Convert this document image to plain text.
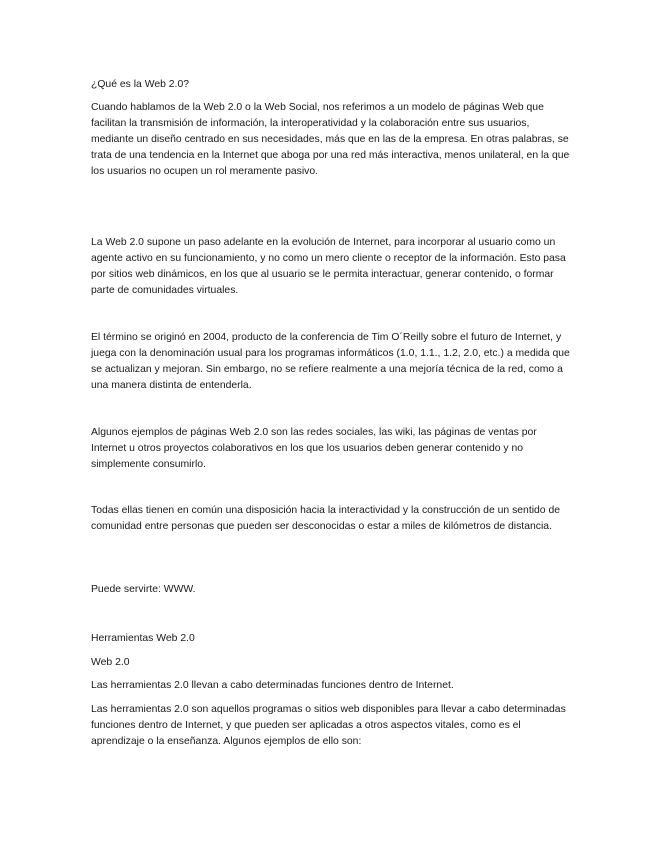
¿Qué es la Web 2.0?

Cuando hablamos de la Web 2.0 o la Web Social, nos referimos a un modelo de páginas Web que facilitan la transmisión de información, la interoperatividad y la colaboración entre sus usuarios, mediante un diseño centrado en sus necesidades, más que en las de la empresa. En otras palabras, se trata de una tendencia en la Internet que aboga por una red más interactiva, menos unilateral, en la que los usuarios no ocupen un rol meramente pasivo.

La Web 2.0 supone un paso adelante en la evolución de Internet, para incorporar al usuario como un agente activo en su funcionamiento, y no como un mero cliente o receptor de la información. Esto pasa por sitios web dinámicos, en los que al usuario se le permita interactuar, generar contenido, o formar parte de comunidades virtuales.

El término se originó en 2004, producto de la conferencia de Tim O´Reilly sobre el futuro de Internet, y juega con la denominación usual para los programas informáticos (1.0, 1.1., 1.2, 2.0, etc.) a medida que se actualizan y mejoran. Sin embargo, no se refiere realmente a una mejoría técnica de la red, como a una manera distinta de entenderla.

Algunos ejemplos de páginas Web 2.0 son las redes sociales, las wiki, las páginas de ventas por Internet u otros proyectos colaborativos en los que los usuarios deben generar contenido y no simplemente consumirlo.

Todas ellas tienen en común una disposición hacia la interactividad y la construcción de un sentido de comunidad entre personas que pueden ser desconocidas o estar a miles de kilómetros de distancia.

Puede servirte: WWW.

Herramientas Web 2.0

Web 2.0

Las herramientas 2.0 llevan a cabo determinadas funciones dentro de Internet.

Las herramientas 2.0 son aquellos programas o sitios web disponibles para llevar a cabo determinadas funciones dentro de Internet, y que pueden ser aplicadas a otros aspectos vitales, como es el aprendizaje o la enseñanza. Algunos ejemplos de ello son:
